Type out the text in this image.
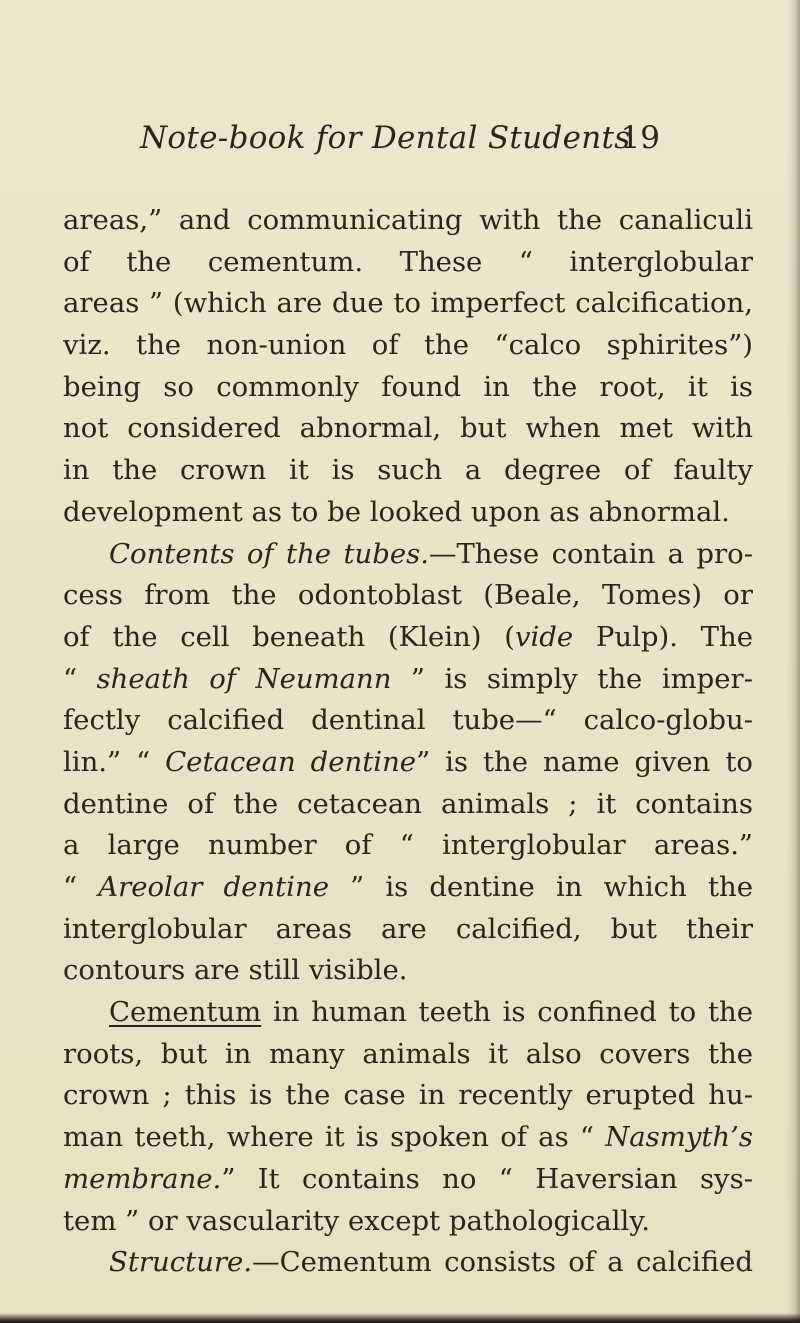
Note-book for Dental Students
19
areas,” and communicating with the canaliculi
of the cementum. These “ interglobular
areas ” (which are due to imperfect calcification,
viz. the non-union of the “calco sphirites”)
being so commonly found in the root, it is
not considered abnormal, but when met with
in the crown it is such a degree of faulty
development as to be looked upon as abnormal.
Contents of the tubes.—These contain a pro-
cess from the odontoblast (Beale, Tomes) or
of the cell beneath (Klein) (vide Pulp). The
“ sheath of Neumann ” is simply the imper-
fectly calcified dentinal tube—“ calco-globu-
lin.” “ Cetacean dentine” is the name given to
dentine of the cetacean animals ; it contains
a large number of “ interglobular areas.”
“ Areolar dentine ” is dentine in which the
interglobular areas are calcified, but their
contours are still visible.
Cementum in human teeth is confined to the
roots, but in many animals it also covers the
crown ; this is the case in recently erupted hu-
man teeth, where it is spoken of as “ Nasmyth’s
membrane.” It contains no “ Haversian sys-
tem ” or vascularity except pathologically.
Structure.—Cementum consists of a calcified
